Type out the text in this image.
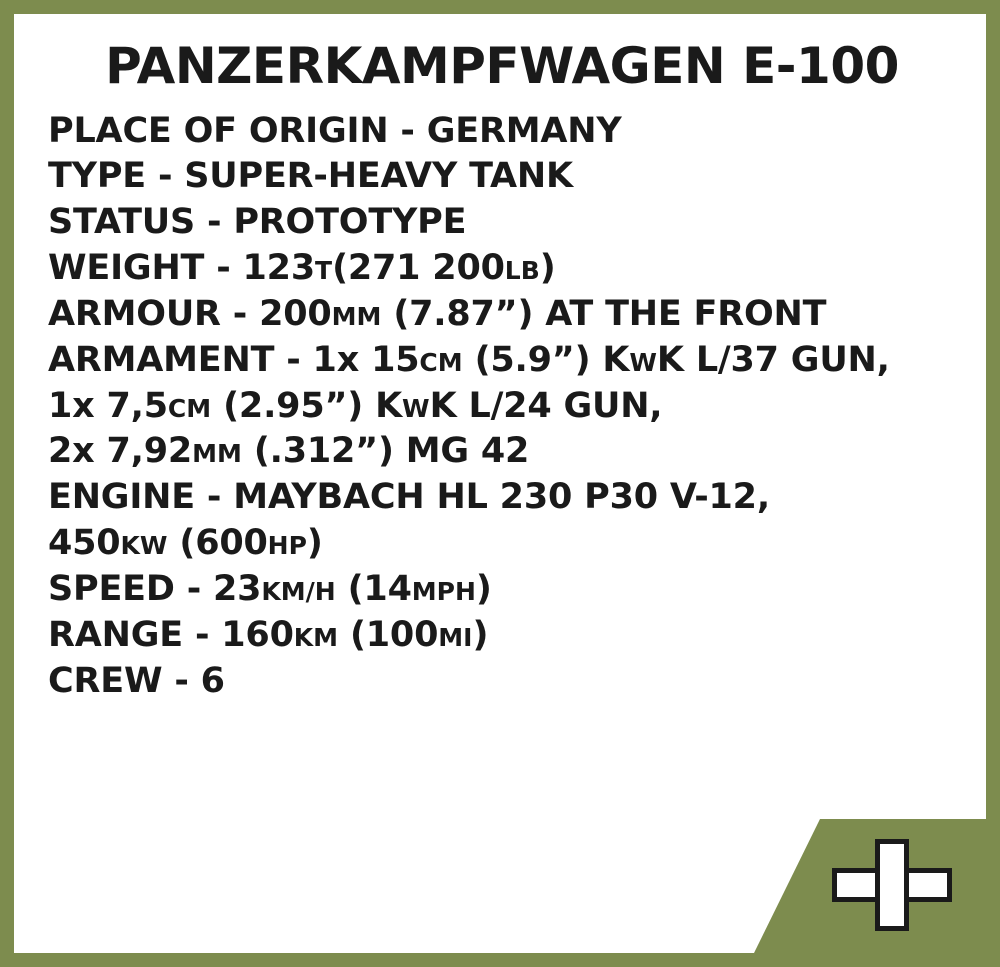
PANZERKAMPFWAGEN E-100
PLACE OF ORIGIN - GERMANY
TYPE - SUPER-HEAVY TANK
STATUS - PROTOTYPE
WEIGHT - 123T(271 200LB)
ARMOUR - 200MM (7.87”) AT THE FRONT
ARMAMENT - 1x 15CM (5.9”) KWK L/37 GUN,
1x 7,5CM (2.95”) KWK L/24 GUN,
2x 7,92MM (.312”) MG 42
ENGINE - MAYBACH HL 230 P30 V-12,
450KW (600HP)
SPEED - 23KM/H (14MPH)
RANGE - 160KM (100MI)
CREW - 6
